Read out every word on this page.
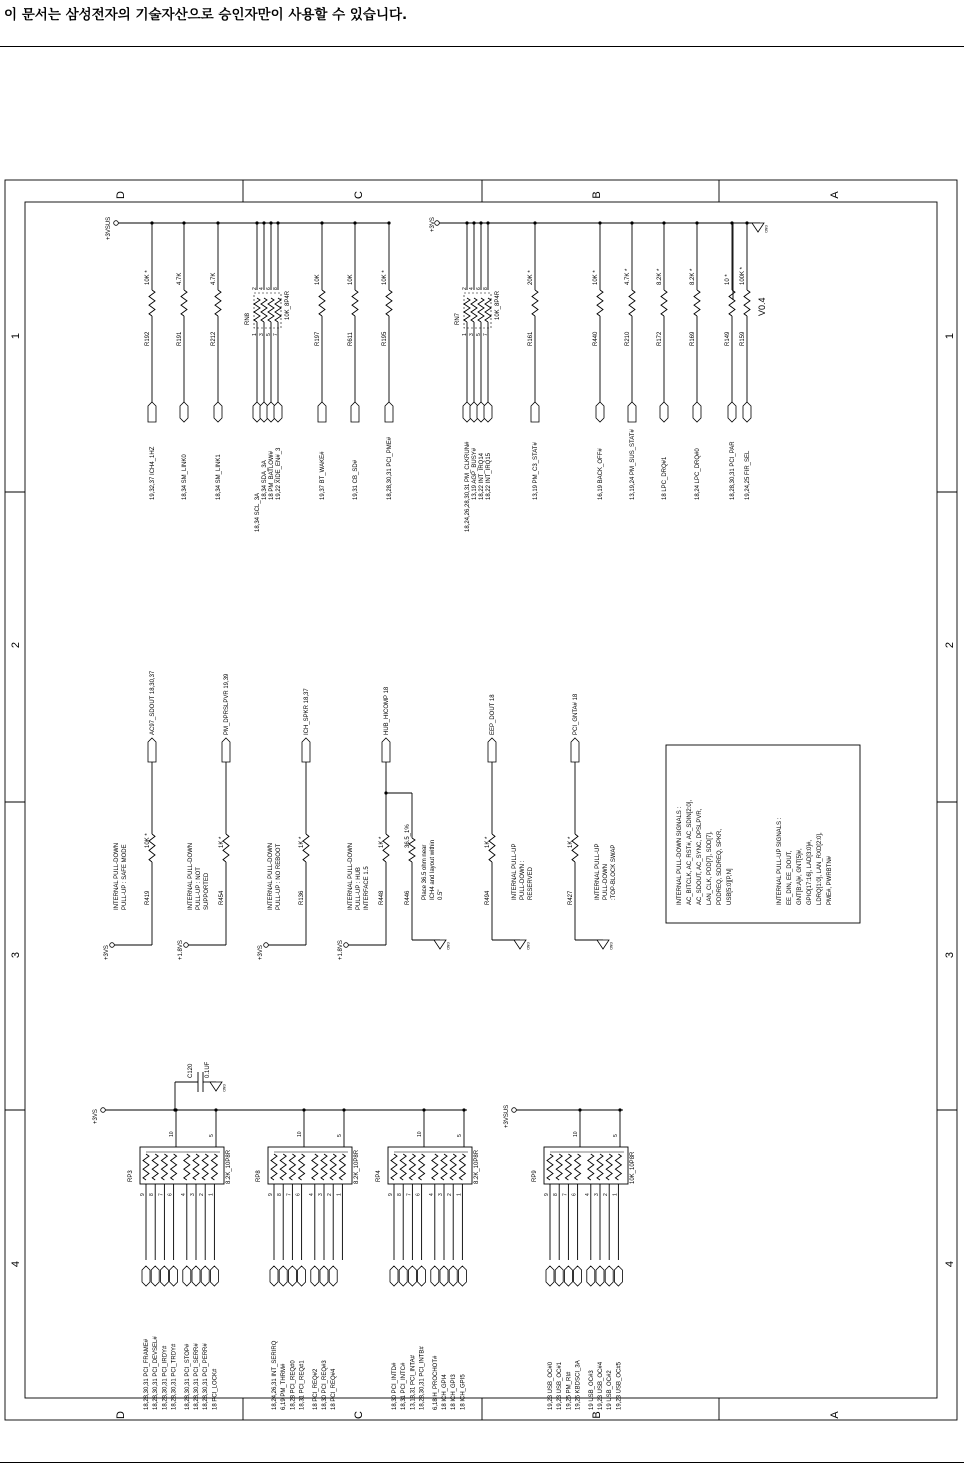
이 문서는 삼성전자의 기술자산으로 승인자만이 사용할 수 있습니다.
D	C	B	A
D	C	B	A
1
2
3
4
1
2
3
4
+3VSUS	+3VS	GND
V0.4
R192
10K *
19,32,37 ICH4_1HZ
R191
4.7K
18,34 SM_LINK0
R212
4.7K
18,34 SM_LINK1
R197
10K
19,37 BT_WAKE#
R611
10K
19,31 CB_SD#
R195
10K *
18,28,30,31 PCI_PME#
R161
20K *
13,19 PM_C3_STAT#
R440
10K *
16,19 BACK_OFF#
R210
4.7K *
13,19,24 PM_SUS_STAT#
R172
8.2K *
18 LPC_DRQ#1
R169
8.2K *
18,24 LPC_DRQ#0
R149
10 *
18,28,30,31 PCI_PAR
R159
100K *
19,24,25 FIR_SEL
2
1
18,34 SCL_3A
4
3
18,34 SDA_3A
6
5
18 PM_BATLOW#
8
7
19,22 XIDE_EN#_3
RN8	10K_8P4R
2
1
18,24,26,28,30,31 PM_CLKRUN#
4
3
13,19 AGP_BUSY#
6
5
18,22 INT_IRQ14
8
7
18,22 INT_IRQ15
RN7	10K_8P4R
+3VS
R419
10K *
AC97_SDOUT 18,30,37
INTERNAL PULL-DOWN PULL-UP : SAFE MODE
+1.8VS
R454
1K *
PM_DPRSLPVR 19,39
INTERNAL PULL-DOWN PULL-UP : NOT SUPPORTED
+3VS
R136
1K *
ICH_SPKR 18,37
INTERNAL PULL-DOWN PULL-UP : NO REBOOT
+1.8VS
R448
1K *
HUB_HICOMP 18
INTERNAL PULL-DOWN PULL-UP : HUB INTERFACE 1.5
GND
R446
36.5_1%
Place 36.5 ohm near ICH4 and layout within 0.5"
GND
R494
1K *
EEP_DOUT 18
INTERNAL PULL-UP PULL-DOWN : RESERVED
GND
R427
1K *
PCI_GNTA# 18
INTERNAL PULL-UP PULL-DOWN :TOP-BLOCK SWAP	INTERNAL PULL-DOWN SIGNALS : AC_BITCLK, AC_RST#, AC_SDIN[2:0], AC_SDOUT, AC_SYNC, DPSLPVR, LAN_CLK, PDD[7], SDD[7], PDDREQ, SDDREQ, SPKR, USB[5:0][P,N]	INTERNAL PULL-UP SIGNALS : EE_DIN, EE_DOUT, GNT[B:A]#, GNT[5]#, GPIO[17:16], LAD[3:0]#, LDRQ[1:0], LAN_RXD[2:0], PME#, PWRBTN#
+3VS
GND
C120 0.1UF
+3VSUS
10	5
9
18,28,30,31 PCI_FRAME#
8
18,28,30,31 PCI_DEVSEL#
7
18,28,30,31 PCI_IRDY#
6
18,28,30,31 PCI_TRDY#
4
18,28,30,31 PCI_STOP#
3
18,28,30,31 PCI_SERR#
2
18,28,30,31 PCI_PERR#
1
18 PCI_LOCK#
RP3	8.2K_10P8R
10	5
9
18,24,26,31 INT_SERIRQ
8
6,19 PM_THRM#
7
18,28 PCI_REQ#0
6
18,31 PCI_REQ#1
4
18 PCI_REQ#2
3
18,30 PCI_REQ#3
2
18 PCI_REQ#4
1
RP8	8.2K_10P8R
10	5
9
18,30 PCI_INTD#
8
18,31 PCI_INTC#
7
13,18,31 PCI_INTA#
6
18,28,30,31 PCI_INTB#
4
6,18 H_PROCHOT#
3
18 ICH_GPI4
2
18 ICH_GPI3
1
18 ICH_GPI5
RP4	8.2K_10P8R
10	5
9
19,23 USB_OC#0
8
19,23 USB_OC#1
7
19,25 PM_RI#
6
19,26 KBDSCI_3A
4
19 USB_OC#3
3
19,23 USB_OC#4
2
19 USB_OC#2
1
19,23 USB_OC#5
RP9	10K_10P8R
